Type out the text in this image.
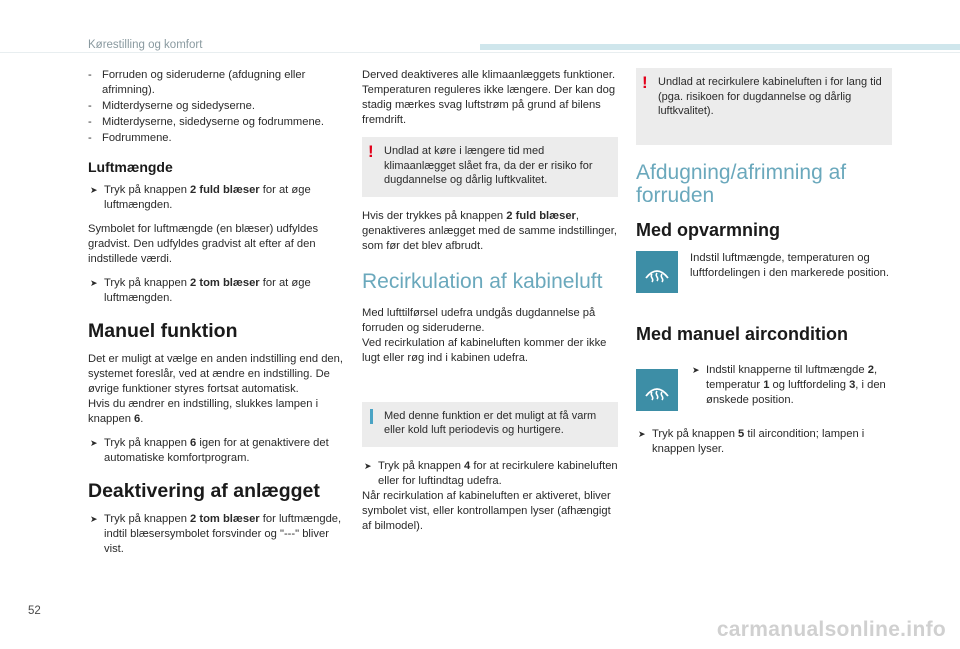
Kørestilling og komfort
- Forruden og sideruderne (afdugning eller afrimning).
- Midterdyserne og sidedyserne.
- Midterdyserne, sidedyserne og fodrummene.
- Fodrummene.
Luftmængde
➤ Tryk på knappen 2 fuld blæser for at øge luftmængden.

Symbolet for luftmængde (en blæser) udfyldes gradvist. Den udfyldes gradvist alt efter af den indstillede værdi.

➤ Tryk på knappen 2 tom blæser for at øge luftmængden.
Manuel funktion

Det er muligt at vælge en anden indstilling end den, systemet foreslår, ved at ændre en indstilling. De øvrige funktioner styres fortsat automatisk.

Hvis du ændrer en indstilling, slukkes lampen i knappen 6.

➤ Tryk på knappen 6 igen for at genaktivere det automatiske komfortprogram.
Deaktivering af anlægget
➤ Tryk på knappen 2 tom blæser for luftmængde, indtil blæsersymbolet forsvinder og "---" bliver vist.

Derved deaktiveres alle klimaanlæggets funktioner.

Temperaturen reguleres ikke længere. Der kan dog stadig mærkes svag luftstrøm på grund af bilens fremdrift.

! Undlad at køre i længere tid med klimaanlægget slået fra, da der er risiko for dugdannelse og dårlig luftkvalitet.

Hvis der trykkes på knappen 2 fuld blæser, genaktiveres anlægget med de samme indstillinger, som før det blev afbrudt.

Recirkulation af kabineluft

Med lufttilførsel udefra undgås dugdannelse på forruden og sideruderne.

Ved recirkulation af kabineluften kommer der ikke lugt eller røg ind i kabinen udefra.

Med denne funktion er det muligt at få varm eller kold luft periodevis og hurtigere.
➤ Tryk på knappen 4 for at recirkulere kabineluften eller for luftindtag udefra.

Når recirkulation af kabineluften er aktiveret, bliver symbolet vist, eller kontrollampen lyser (afhængigt af bilmodel).

! Undlad at recirkulere kabineluften i for lang tid (pga. risikoen for dugdannelse og dårlig luftkvalitet).
Afdugning/afrimning af forruden
Med opvarmning
Indstil luftmængde, temperaturen og luftfordelingen i den markerede position.
Med manuel aircondition
➤ Indstil knapperne til luftmængde 2, temperatur 1 og luftfordeling 3, i den ønskede position.
➤ Tryk på knappen 5 til aircondition; lampen i knappen lyser.
52
carmanualsonline.info
